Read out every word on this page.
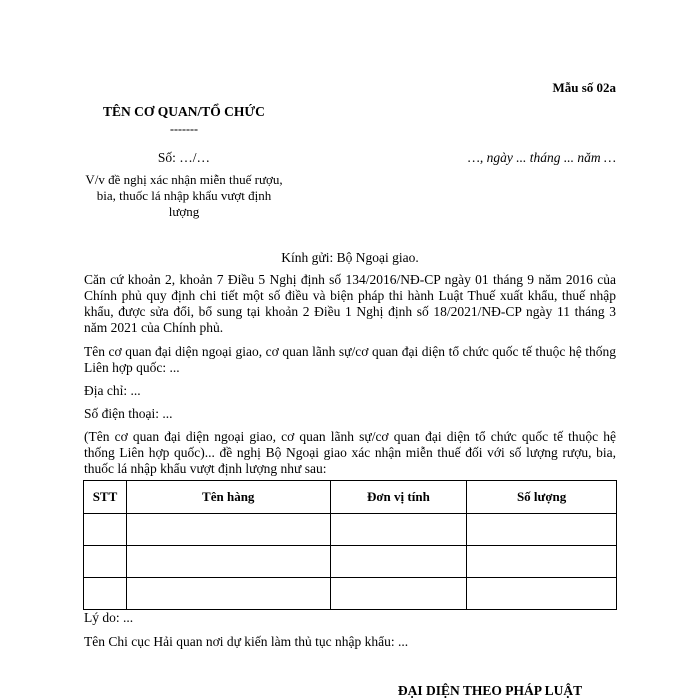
Mẫu số 02a
TÊN CƠ QUAN/TỔ CHỨC
-------
Số: …/…	…, ngày ... tháng ... năm …
V/v đề nghị xác nhận miễn thuế rượu, bia, thuốc lá nhập khẩu vượt định lượng
Kính gửi: Bộ Ngoại giao.
Căn cứ khoản 2, khoản 7 Điều 5 Nghị định số 134/2016/NĐ-CP ngày 01 tháng 9 năm 2016 của Chính phủ quy định chi tiết một số điều và biện pháp thi hành Luật Thuế xuất khẩu, thuế nhập khẩu, được sửa đổi, bổ sung tại khoản 2 Điều 1 Nghị định số 18/2021/NĐ-CP ngày 11 tháng 3 năm 2021 của Chính phủ.
Tên cơ quan đại diện ngoại giao, cơ quan lãnh sự/cơ quan đại diện tổ chức quốc tế thuộc hệ thống Liên hợp quốc: ...
Địa chỉ: ...
Số điện thoại: ...
(Tên cơ quan đại diện ngoại giao, cơ quan lãnh sự/cơ quan đại diện tổ chức quốc tế thuộc hệ thống Liên hợp quốc)... đề nghị Bộ Ngoại giao xác nhận miễn thuế đối với số lượng rượu, bia, thuốc lá nhập khẩu vượt định lượng như sau:
STT	Tên hàng	Đơn vị tính	Số lượng

Lý do: ...
Tên Chi cục Hải quan nơi dự kiến làm thủ tục nhập khẩu: ...
ĐẠI DIỆN THEO PHÁP LUẬT
